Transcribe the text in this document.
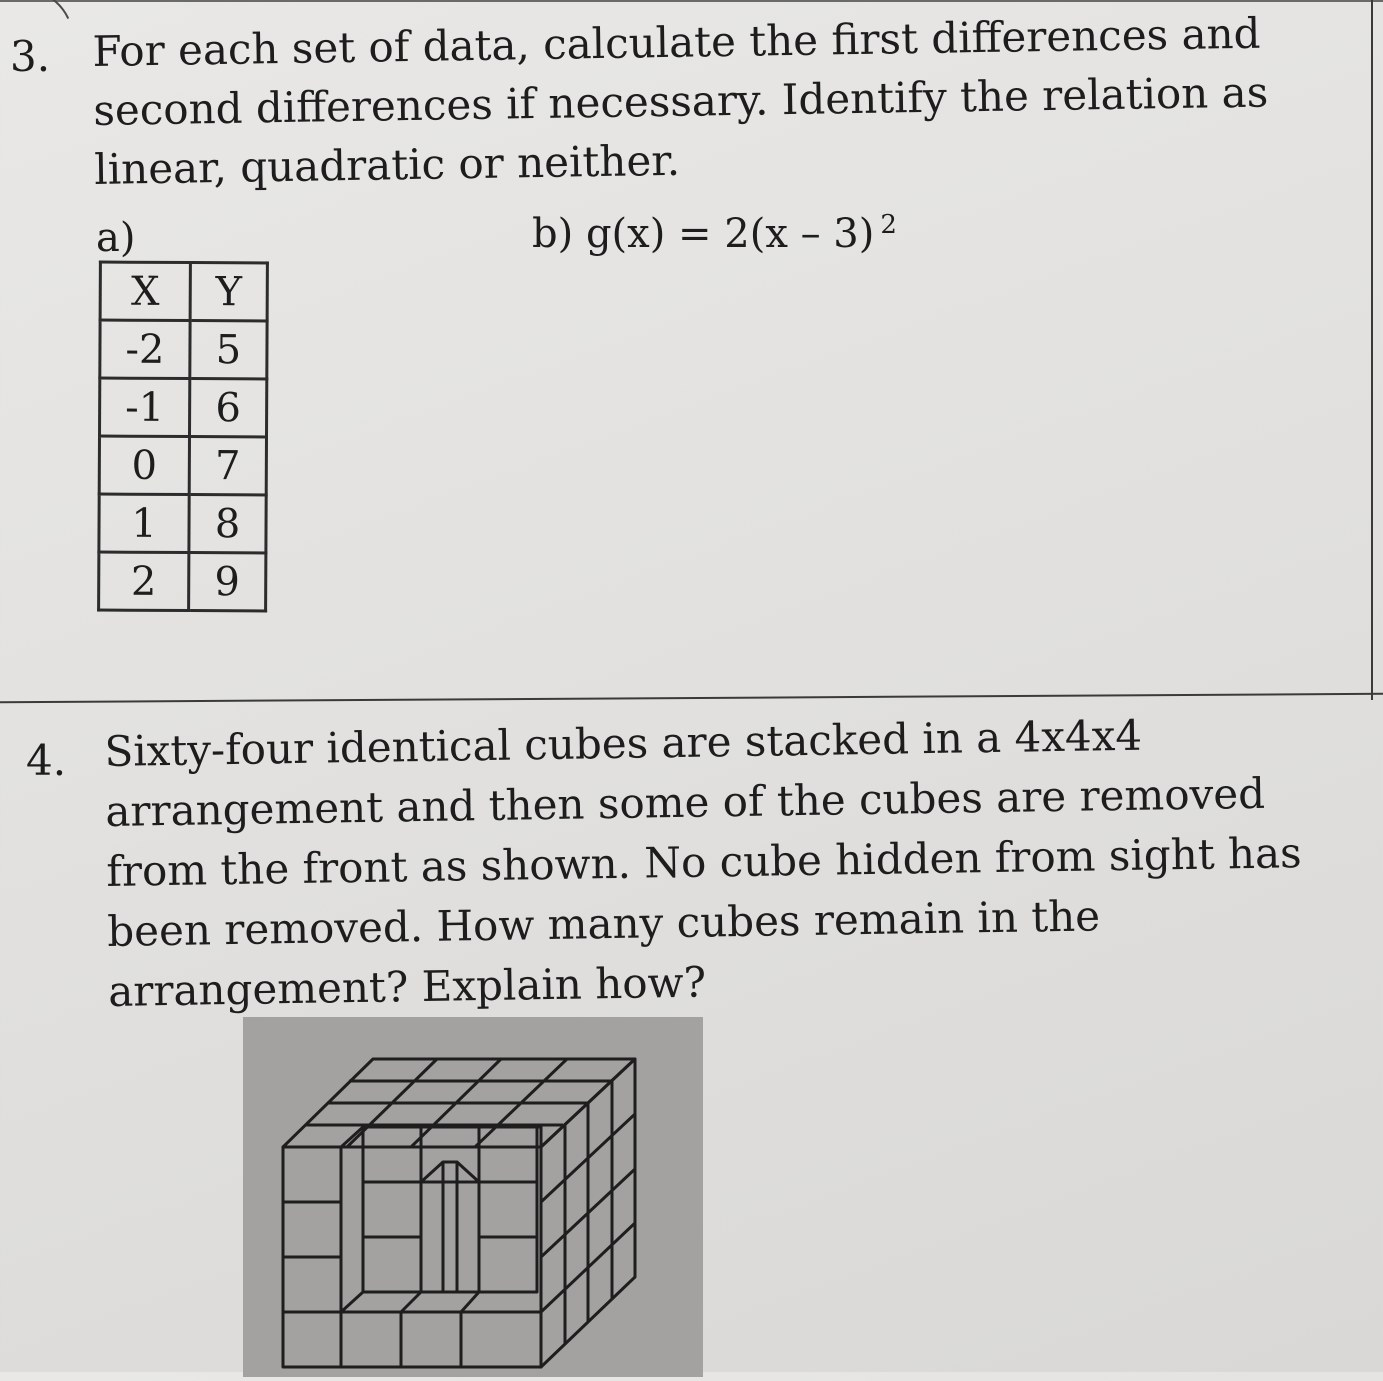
3. For each set of data, calculate the first differences and
second differences if necessary. Identify the relation as
linear, quadratic or neither.
a)	b) g(x) = 2(x – 3) $^2$
X	Y
-2	5
-1	6
0	7
1	8
2	9
4. Sixty-four identical cubes are stacked in a 4x4x4
arrangement and then some of the cubes are removed
from the front as shown. No cube hidden from sight has
been removed. How many cubes remain in the
arrangement? Explain how?
